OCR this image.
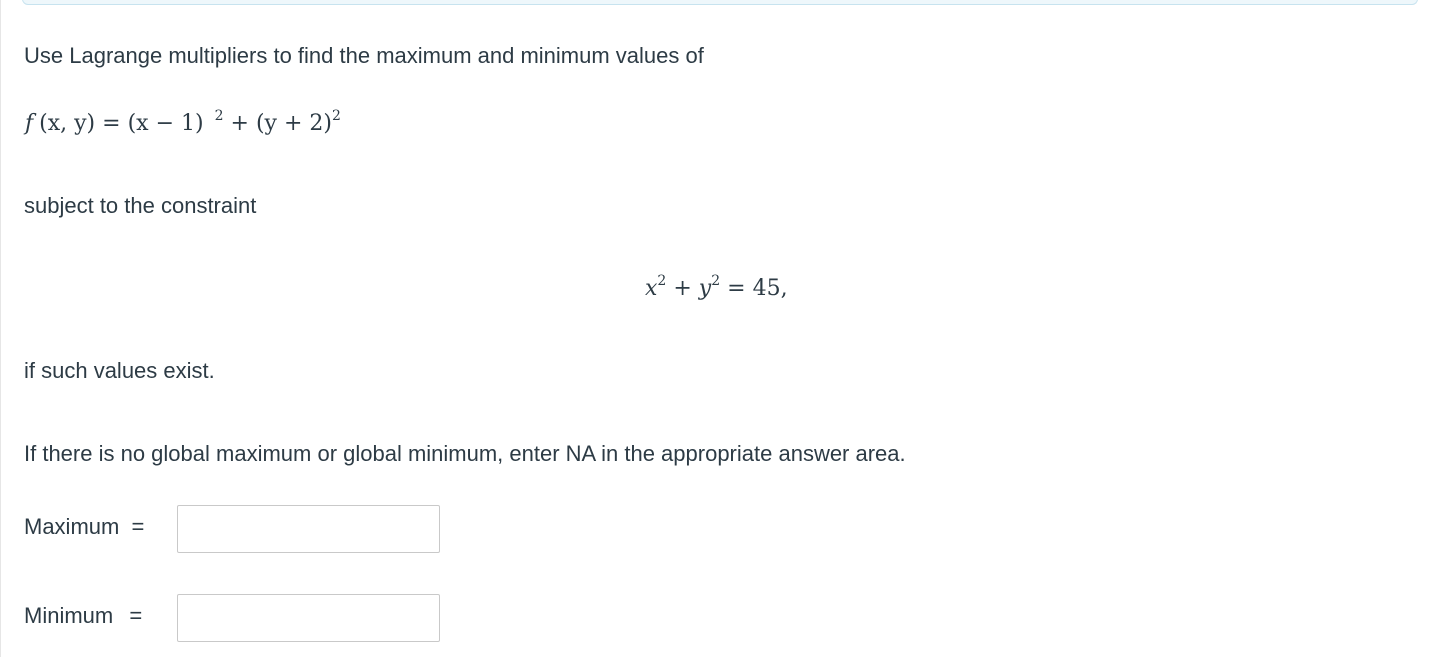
Use Lagrange multipliers to find the maximum and minimum values of
f (x, y) = (x − 1) $^2 + (y + 2)^2$
subject to the constraint
$x^2 + y^2 = 45$,
if such values exist.
If there is no global maximum or global minimum, enter NA in the appropriate answer area.
Maximum =
Minimum =
